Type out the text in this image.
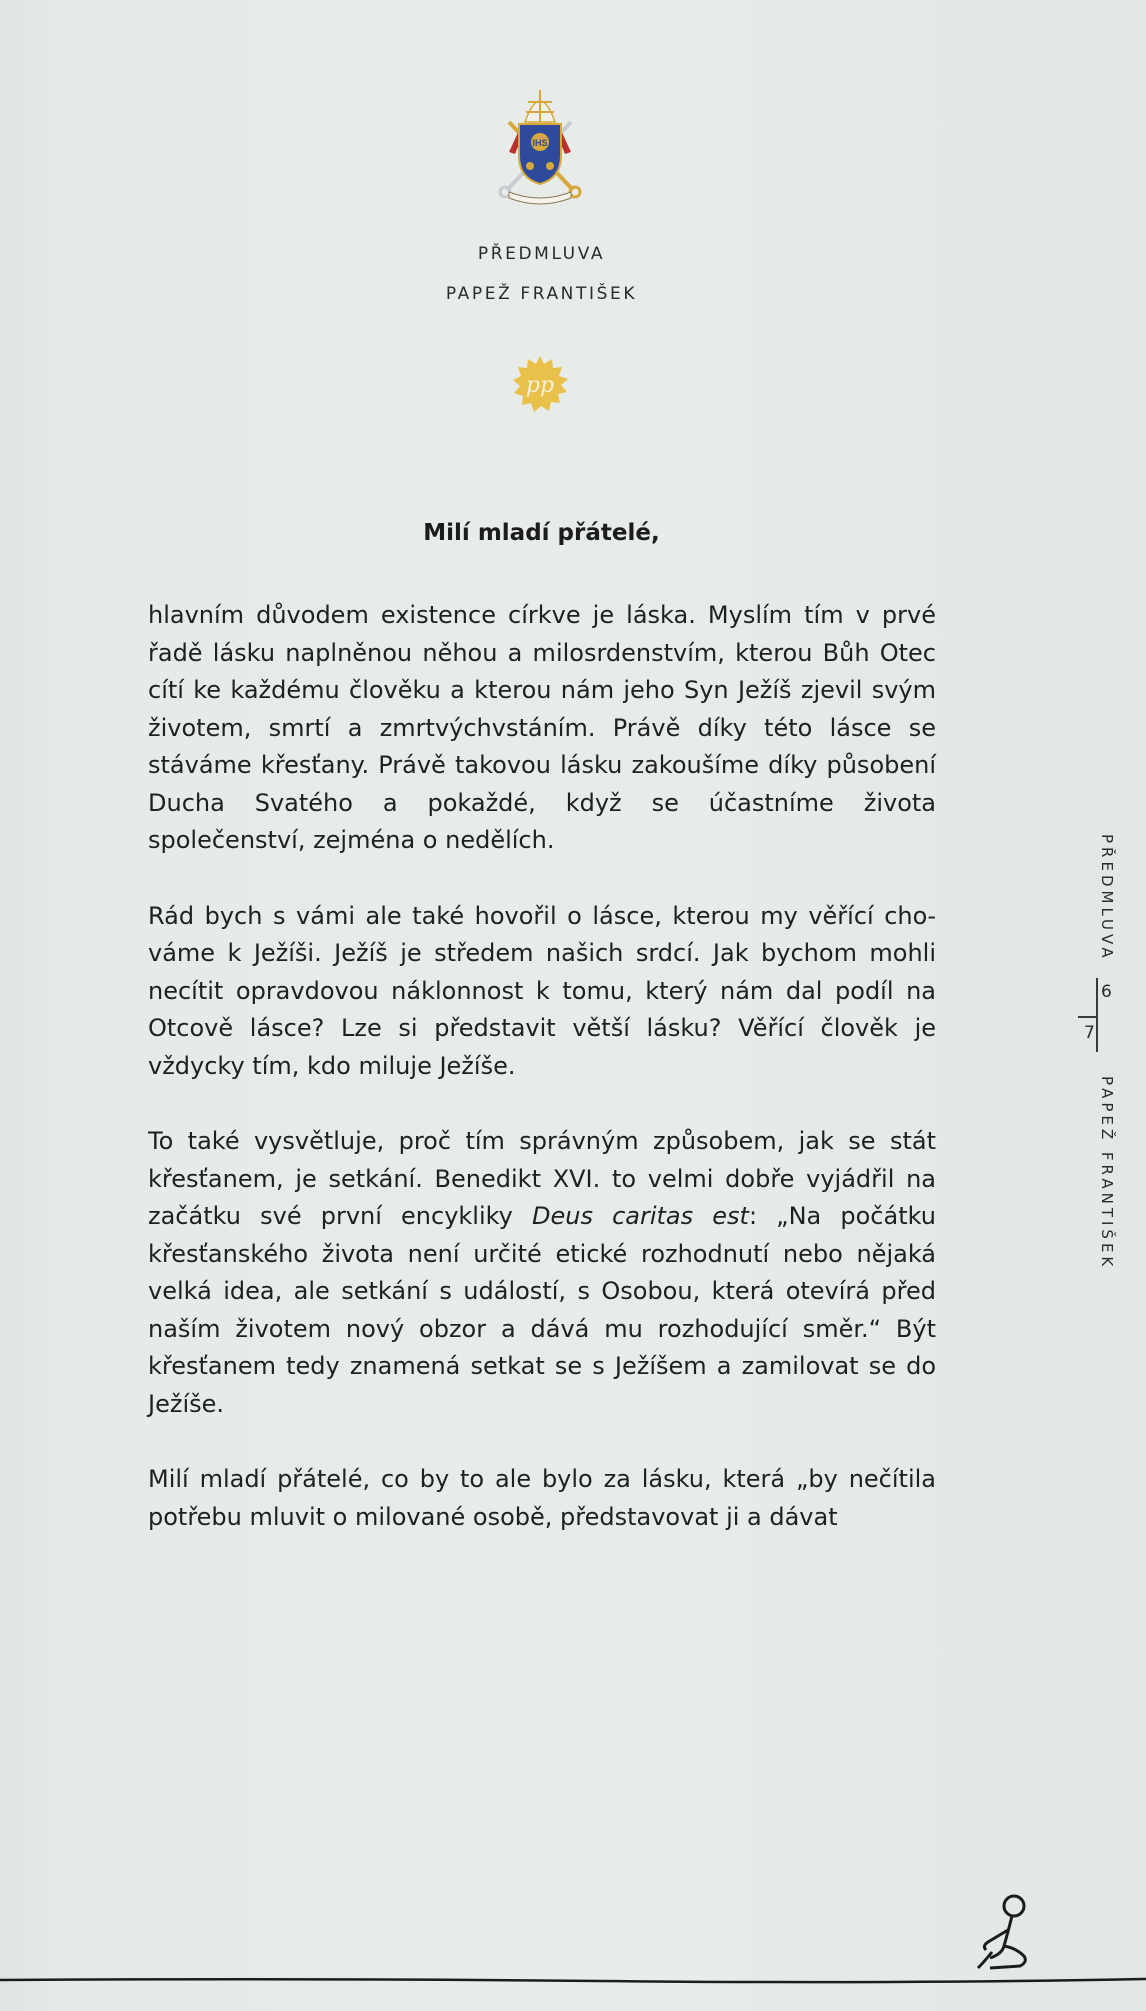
IHS
PŘEDMLUVA
PAPEŽ FRANTIŠEK
pp
Milí mladí přátelé,

hlavním důvodem existence církve je láska. Myslím tím v prvé řadě lásku naplněnou něhou a milosrdenstvím, kterou Bůh Otec cítí ke každému člověku a kterou nám jeho Syn Ježíš zjevil svým životem, smrtí a zmrtvýchvstáním. Právě díky této lásce se stáváme křesťany. Právě takovou lásku zakoušíme díky působení Ducha Svatého a pokaždé, když se účastníme života společenství, zejména o nedělích.

Rád bych s vámi ale také hovořil o lásce, kterou my věřící chováme k Ježíši. Ježíš je středem našich srdcí. Jak bychom mohli necítit opravdovou náklonnost k tomu, který nám dal podíl na Otcově lásce? Lze si představit větší lásku? Věřící člověk je vždycky tím, kdo miluje Ježíše.

To také vysvětluje, proč tím správným způsobem, jak se stát křesťanem, je setkání. Benedikt XVI. to velmi dobře vyjádřil na začátku své první encykliky Deus caritas est: „Na počátku křesťanského života není určité etické rozhodnutí nebo nějaká velká idea, ale setkání s událostí, s Osobou, která otevírá před naším životem nový obzor a dává mu rozhodující směr.“ Být křesťanem tedy znamená setkat se s Ježíšem a zamilovat se do Ježíše.

Milí mladí přátelé, co by to ale bylo za lásku, která „by nečítila potřebu mluvit o milované osobě, představovat ji a dávat

PŘEDMLUVA
6
7
PAPEŽ FRANTIŠEK
